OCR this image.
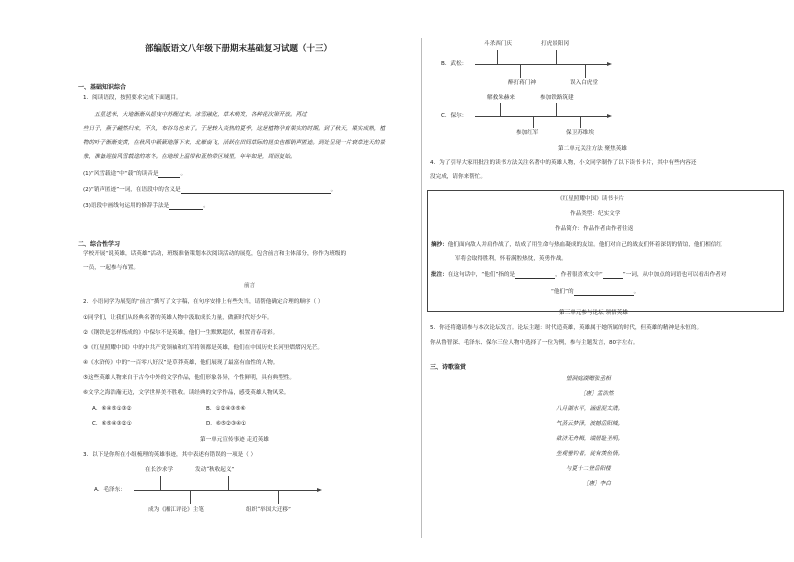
部编版语文八年级下册期末基础复习试题（十三）
一、基础知识综合
1．阅读语段，按照要求完成下面题目。
　　五星送米，大地渐渐从摇曳中苏醒过来。冰雪融化，草木萌发，各种花次第开放。再过
些日子，燕子翩然归来，不久，布谷鸟也来了。于是转入炎热的夏季，这是植物孕育果实的时期。到了秋天，果实成熟，植
物的叶子渐渐变黄，在秋风中簌簌地落下来，北雁南飞，活跃在田间草际的昆虫也都销声匿迹。到处呈现一片衰草连天的景
象，准备迎接风雪载途的寒冬。在地球上温带和亚热带区域里，年年如是，周而复始。
(1)“风雪载途”中“载”的读音是	。
(2)“销声匿迹”一词，在语段中的含义是	。
(3)语段中画线句运用的修辞手法是	。
二、综合性学习
学校开展“说英雄，话英雄”活动，班级准备策划本次阅读活动的展览，包含前言和主体部分，你作为班级的
一员，一起参与布置。
前言
2．小语同学为展览的“前言”撰写了文字稿，在句序安排上有些失当，请帮他确定合理的顺序（ ）
①同学们，让我们从经典名著的英雄人物中汲取成长力量，做新时代好少年。
②《钢铁是怎样炼成的》中保尔不是英雄，他们一生默默超伏，根置青春奇彩。
③《红星照耀中国》中的中共产党领袖和红军将领都是英雄，他们在中国历史长河里熠熠闪光芒。
④《水浒传》中的“一百零八好汉”是草莽英雄，他们展现了最富有血性的人物。
⑤这些英雄人物来自于古今中外的文学作品，他们形象各异，个性鲜明，具有典型性。
⑥文学之海浩瀚无边，文学世界美不胜收。读经典的文学作品，感受英雄人物风采。
A．⑥④⑤①③②	B．①②④③⑤⑥
C．⑥⑤④③②①	D．⑥⑤②③④①
第一单元宣传事迹 走近英雄
3．以下是你所在小组梳理的英雄事迹，其中表述有错误的一项是（ ）
在长沙求学	发动“秋收起义”
A．毛泽东：
成为《湘江评论》主笔	组织“举国大迁移”
斗杀西门庆	打虎景阳冈
B．武松：
醉打蒋门神	误入白虎堂
解救朱赫来	参加铁路筑建
C．保尔：
参加红军	保卫苏维埃
第二单元关注方法 聚焦英雄
4．为了引导大家用批注的读书方法关注名著中的英雄人物，小文同学制作了以下读书卡片，其中有些内容还
没完成，请你来帮忙。
《红星照耀中国》读书卡片
作品类型：纪实文学
作品简介：作品作者由作者往返
摘抄：他们面向敌人并肩作战了，结成了用生命与热血凝成的友谊。他们对自己的战友们怀着深切的情谊，他们相信红
军将会取得胜利，怀着满腔热忱，英勇作战。
批注：在这句话中，“他们”指的是	，作者很喜欢文中“	”一词，从中加点的词语也可以看出作者对
“他们”的	。
第三单元参与论坛 领悟英雄
5．你还将邀请参与本次论坛发言。论坛主题：时代造英雄，英雄属于她所属的时代，但英雄的精神是永恒的。
你从鲁智深、毛泽东、保尔三位人物中选择了一位为例，参与主题发言，80字左右。
三、诗歌鉴赏
望洞庭湖赠张丞相
［唐］孟浩然
八月湖水平，涵虚混太清。
气蒸云梦泽，波撼岳阳城。
欲济无舟楫，端居耻圣明。
坐观垂钓者，徒有羡鱼情。
与夏十二登岳阳楼
［唐］李白
